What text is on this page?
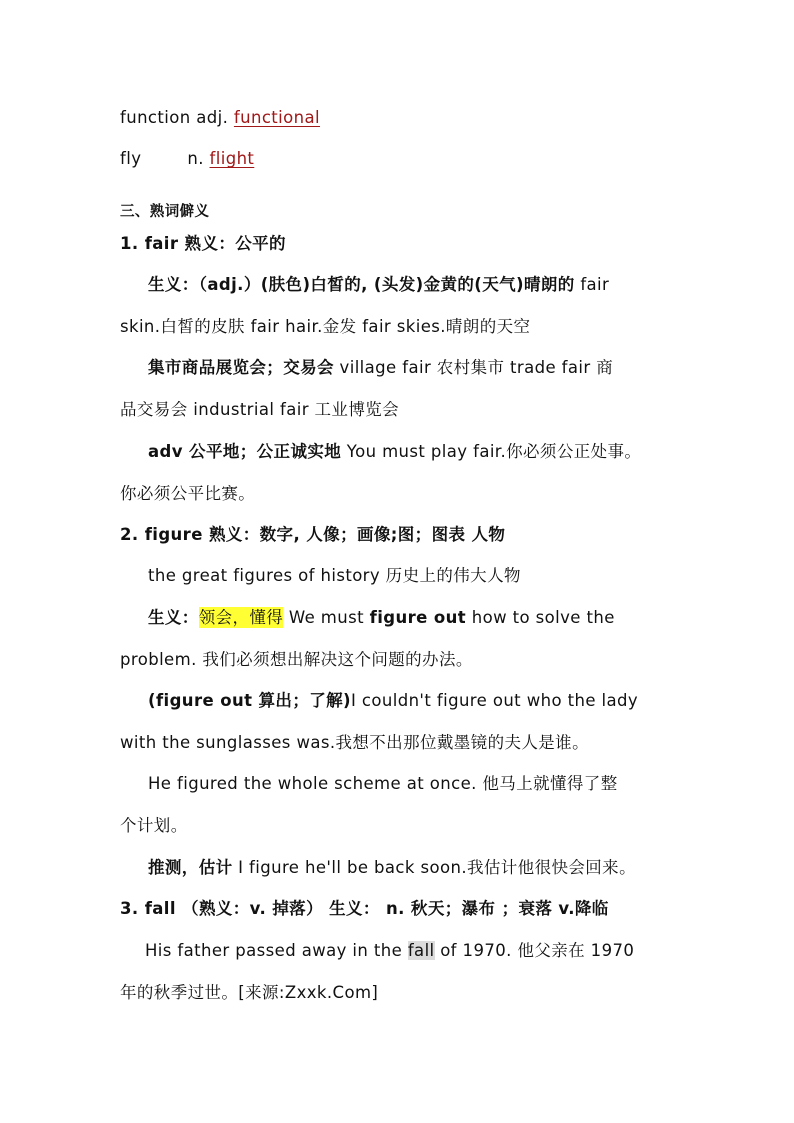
function adj. functional
fly	n. flight
三、熟词僻义
1. fair 熟义：公平的
生义：（adj.）(肤色)白皙的, (头发)金黄的(天气)晴朗的 fair
skin.白皙的皮肤 fair hair.金发 fair skies.晴朗的天空
集市商品展览会；交易会 village fair 农村集市 trade fair 商
品交易会 industrial fair 工业博览会
adv 公平地；公正诚实地 You must play fair.你必须公正处事。
你必须公平比赛。
2. figure 熟义：数字, 人像；画像;图；图表 人物
the great figures of history 历史上的伟大人物
生义：领会，懂得 We must figure out how to solve the
problem. 我们必须想出解决这个问题的办法。
(figure out 算出；了解)I couldn't figure out who the lady
with the sunglasses was.我想不出那位戴墨镜的夫人是谁。
He figured the whole scheme at once. 他马上就懂得了整
个计划。
推测，估计 I figure he'll be back soon.我估计他很快会回来。
3. fall （熟义：v. 掉落） 生义： n. 秋天；瀑布 ；衰落 v.降临
His father passed away in the fall of 1970. 他父亲在 1970
年的秋季过世。[来源:Zxxk.Com]
